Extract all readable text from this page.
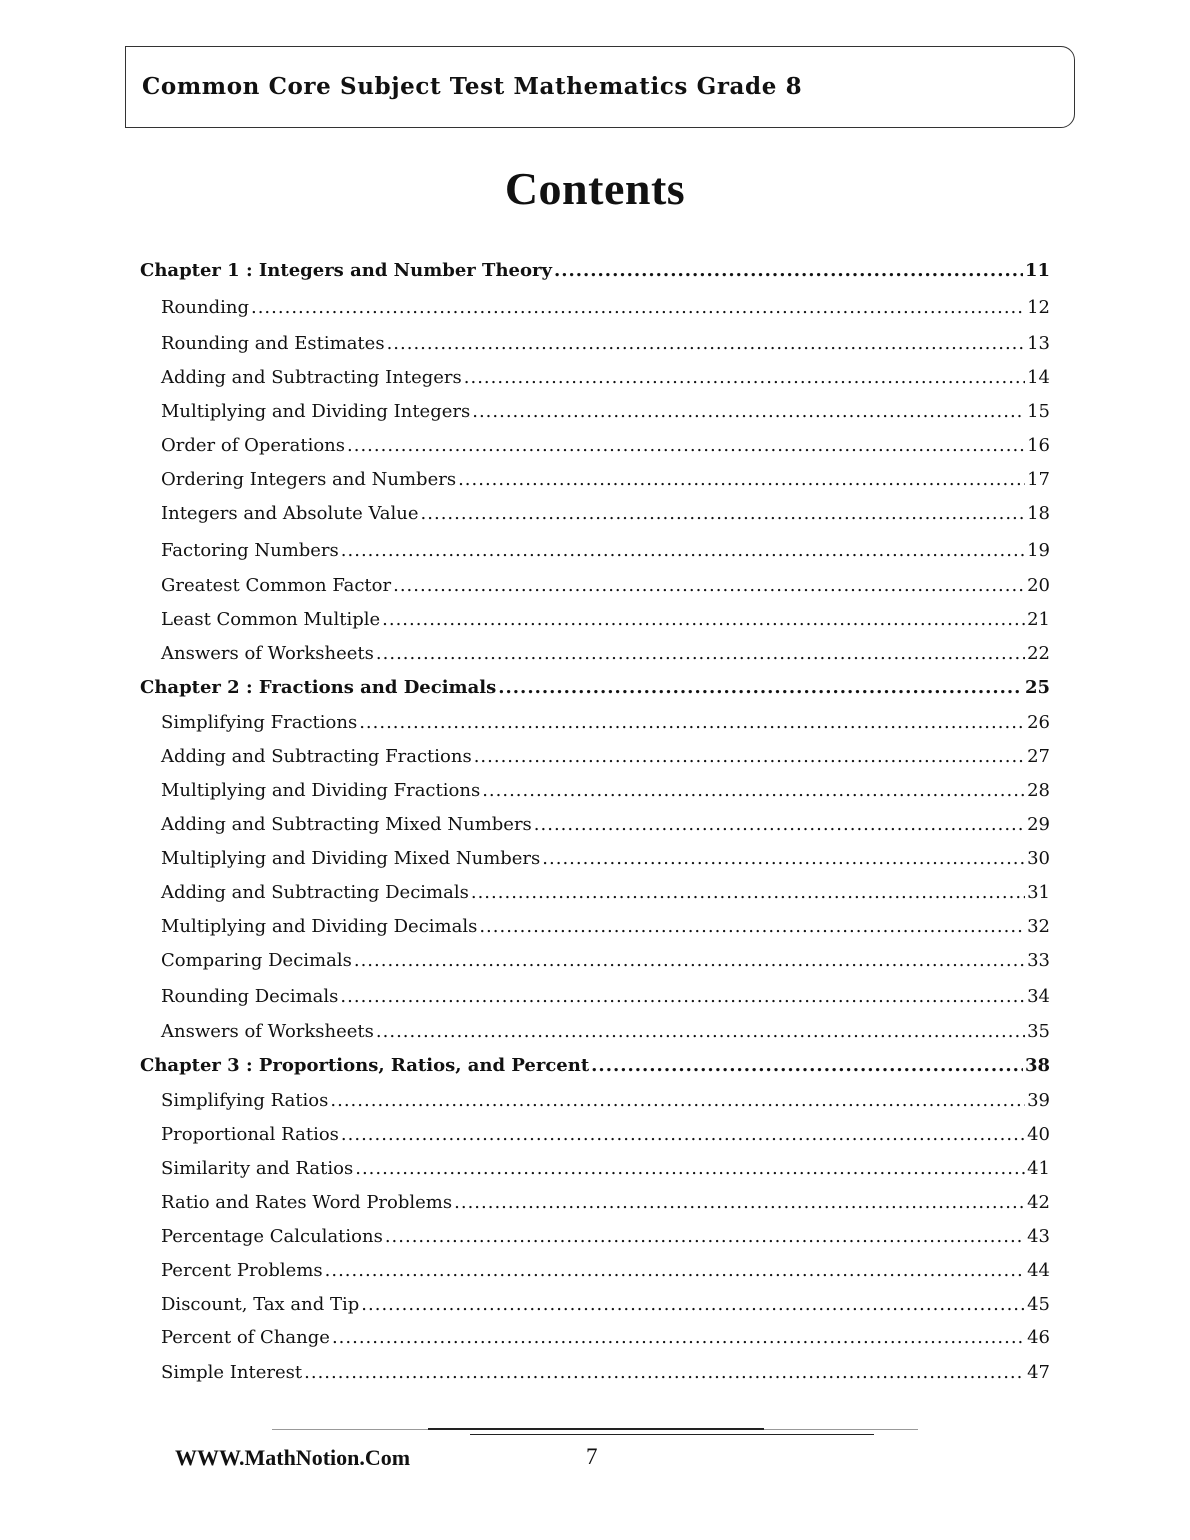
Common Core Subject Test Mathematics Grade 8
Contents
Chapter 1 : Integers and Number Theory .....	11
Rounding .....	12
Rounding and Estimates .....	13
Adding and Subtracting Integers .....	14
Multiplying and Dividing Integers .....	15
Order of Operations .....	16
Ordering Integers and Numbers .....	17
Integers and Absolute Value .....	18
Factoring Numbers .....	19
Greatest Common Factor .....	20
Least Common Multiple .....	21
Answers of Worksheets .....	22
Chapter 2 : Fractions and Decimals .....	25
Simplifying Fractions .....	26
Adding and Subtracting Fractions .....	27
Multiplying and Dividing Fractions .....	28
Adding and Subtracting Mixed Numbers .....	29
Multiplying and Dividing Mixed Numbers .....	30
Adding and Subtracting Decimals .....	31
Multiplying and Dividing Decimals .....	32
Comparing Decimals .....	33
Rounding Decimals .....	34
Answers of Worksheets .....	35
Chapter 3 : Proportions, Ratios, and Percent .....	38
Simplifying Ratios .....	39
Proportional Ratios .....	40
Similarity and Ratios .....	41
Ratio and Rates Word Problems .....	42
Percentage Calculations .....	43
Percent Problems .....	44
Discount, Tax and Tip .....	45
Percent of Change .....	46
Simple Interest .....	47
WWW.MathNotion.Com	7
